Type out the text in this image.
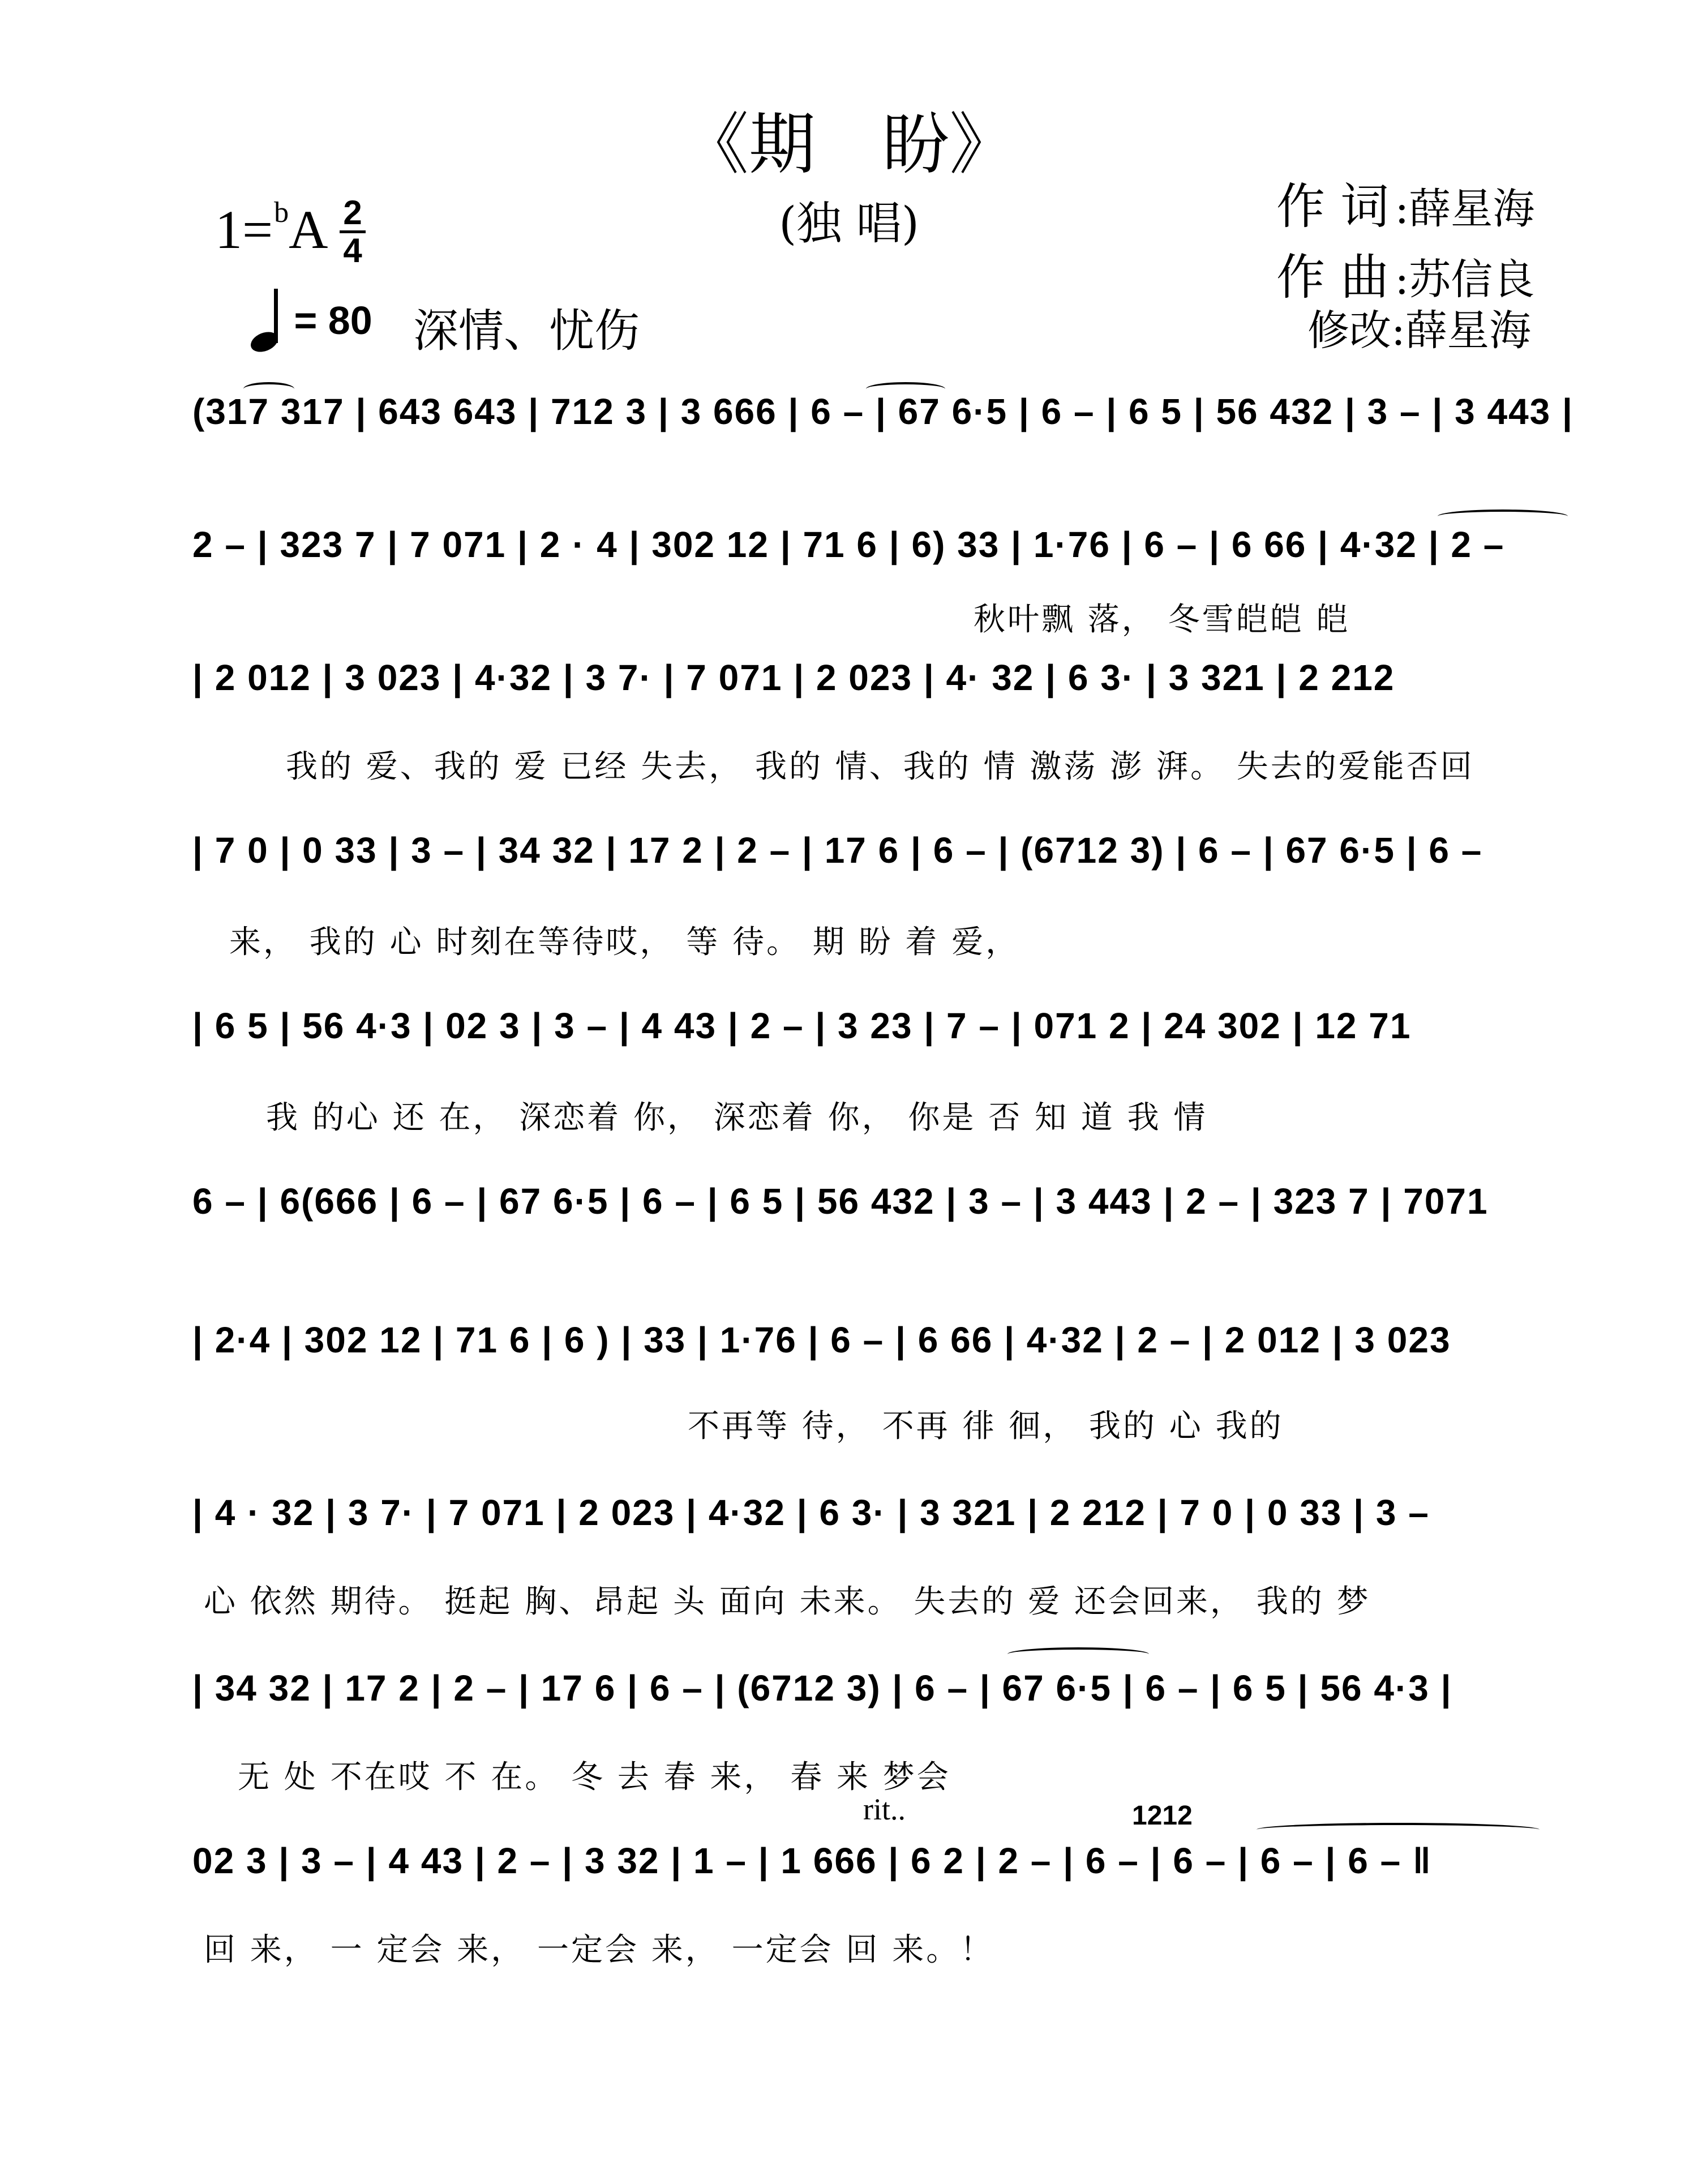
《期　盼》
(独 唱)	作 词 :薛星海
作 曲 :苏信良
修改:薛星海
1=$^b$A 2
4
= 80 深情、忧伤
(317 317 | 643 643 | 712 3 | 3 666 | 6 – | 67 6·5 | 6 – | 6 5 | 56 432 | 3 – | 3 443 |
2 – | 323 7 | 7 071 | 2 · 4 | 302 12 | 71 6 | 6) 33 | 1·76 | 6 – | 6 66 | 4·32 | 2 –
秋叶飘 落， 冬雪皑皑 皑
| 2 012 | 3 023 | 4·32 | 3 7· | 7 071 | 2 023 | 4· 32 | 6 3· | 3 321 | 2 212
我的 爱、我的 爱 已经 失去， 我的 情、我的 情 激荡 澎 湃。 失去的爱能否回
| 7 0 | 0 33 | 3 – | 34 32 | 17 2 | 2 – | 17 6 | 6 – | (6712 3) | 6 – | 67 6·5 | 6 –
来， 我的 心 时刻在等待哎， 等 待。 期 盼 着 爱，
| 6 5 | 56 4·3 | 02 3 | 3 – | 4 43 | 2 – | 3 23 | 7 – | 071 2 | 24 302 | 12 71
我 的心 还 在， 深恋着 你， 深恋着 你， 你是 否 知 道 我 情
6 – | 6(666 | 6 – | 67 6·5 | 6 – | 6 5 | 56 432 | 3 – | 3 443 | 2 – | 323 7 | 7071
| 2·4 | 302 12 | 71 6 | 6 ) | 33 | 1·76 | 6 – | 6 66 | 4·32 | 2 – | 2 012 | 3 023
不再等 待， 不再 徘 徊， 我的 心 我的
| 4 · 32 | 3 7· | 7 071 | 2 023 | 4·32 | 6 3· | 3 321 | 2 212 | 7 0 | 0 33 | 3 –
心 依然 期待。 挺起 胸、昂起 头 面向 未来。 失去的 爱 还会回来， 我的 梦
| 34 32 | 17 2 | 2 – | 17 6 | 6 – | (6712 3) | 6 – | 67 6·5 | 6 – | 6 5 | 56 4·3 |
无 处 不在哎 不 在。 冬 去 春 来， 春 来 梦会
rit..	1212
02 3 | 3 – | 4 43 | 2 – | 3 32 | 1 – | 1 666 | 6 2 | 2 – | 6 – | 6 – | 6 – | 6 – ‖
回 来， 一 定会 来， 一定会 来， 一定会 回 来。！
